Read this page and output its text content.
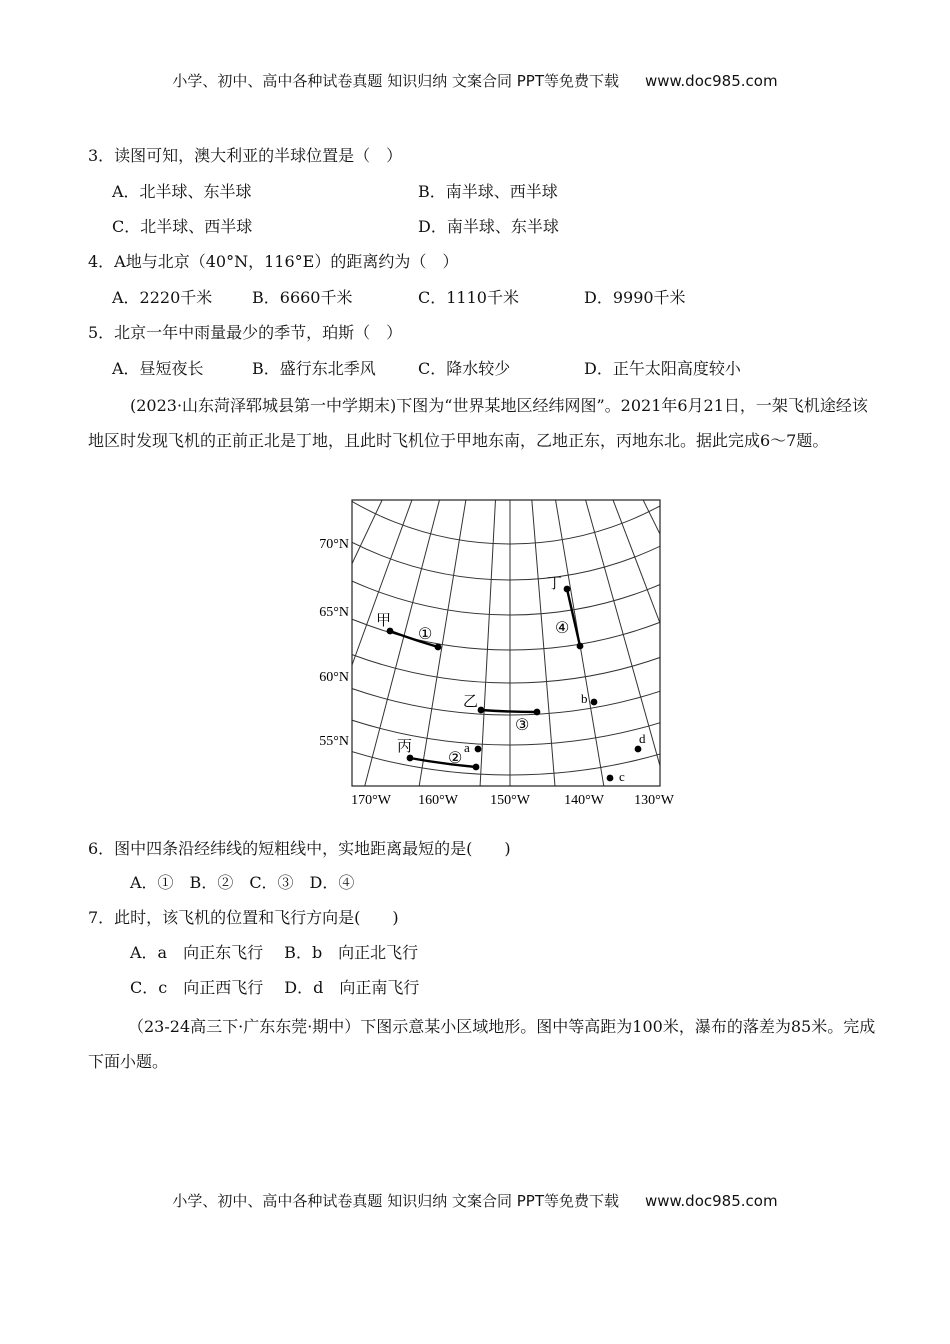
小学、初中、高中各种试卷真题 知识归纳 文案合同 PPT等免费下载 www.doc985.com
3．读图可知，澳大利亚的半球位置是（　）
A．北半球、东半球	B．南半球、西半球
C．北半球、西半球	D．南半球、东半球
4．A地与北京（40°N，116°E）的距离约为（　）
A．2220千米 B．6660千米	C．1110千米	D．9990千米
5．北京一年中雨量最少的季节，珀斯（　）
A．昼短夜长	B．盛行东北季风	C．降水较少	D．正午太阳高度较小
(2023·山东菏泽郓城县第一中学期末)下图为“世界某地区经纬网图”。2021年6月21日，一架飞机途经该地区时发现飞机的正前正北是丁地，且此时飞机位于甲地东南，乙地正东，丙地东北。据此完成6～7题。
70°N
65°N
60°N
55°N
170°W 160°W 150°W 140°W 130°W
甲
乙
丙
丁
a
b
c
d
①
②
③
④
6．图中四条沿经纬线的短粗线中，实地距离最短的是(　　)
A．①　B．②　C．③　D．④
7．此时，该飞机的位置和飞行方向是(　　)
A．a　向正东飞行　 B．b　向正北飞行
C．c　向正西飞行　 D．d　向正南飞行
（23-24高三下·广东东莞·期中）下图示意某小区域地形。图中等高距为100米，瀑布的落差为85米。完成下面小题。
小学、初中、高中各种试卷真题 知识归纳 文案合同 PPT等免费下载 www.doc985.com
